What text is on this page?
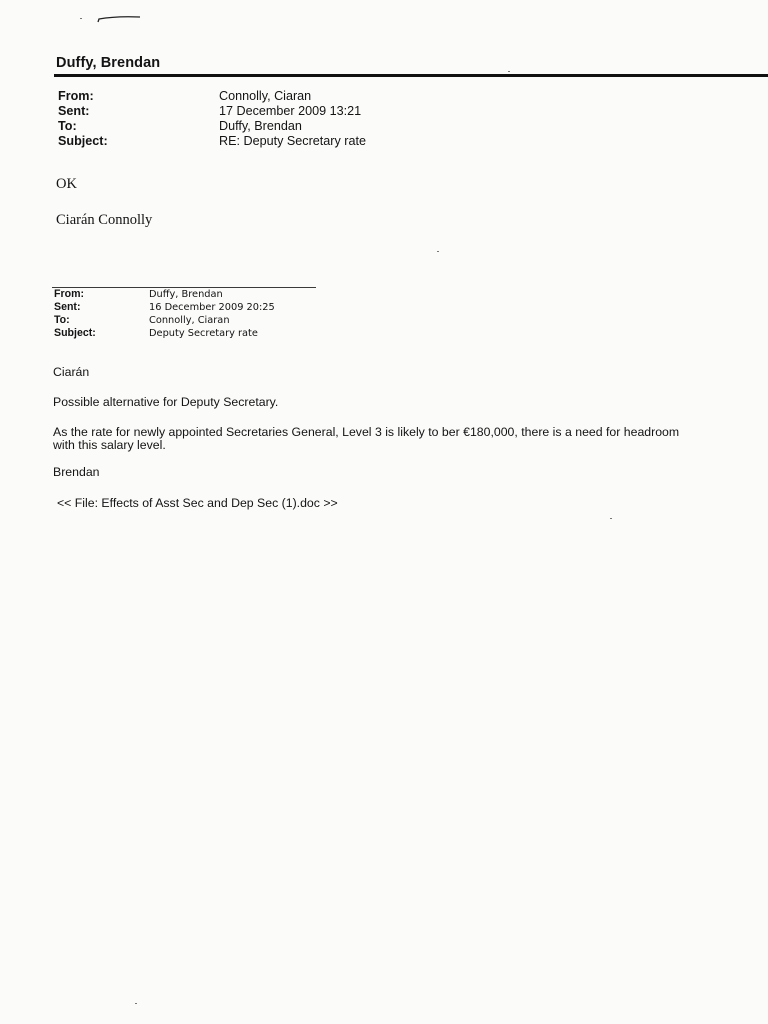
Duffy, Brendan
From:	Connolly, Ciaran
Sent:	17 December 2009 13:21
To:	Duffy, Brendan
Subject:	RE: Deputy Secretary rate
OK
Ciarán Connolly
From:	Duffy, Brendan
Sent:	16 December 2009 20:25
To:	Connolly, Ciaran
Subject:	Deputy Secretary rate
Ciarán
Possible alternative for Deputy Secretary.
As the rate for newly appointed Secretaries General, Level 3 is likely to ber €180,000, there is a need for headroom
with this salary level.
Brendan
<< File: Effects of Asst Sec and Dep Sec (1).doc >>
